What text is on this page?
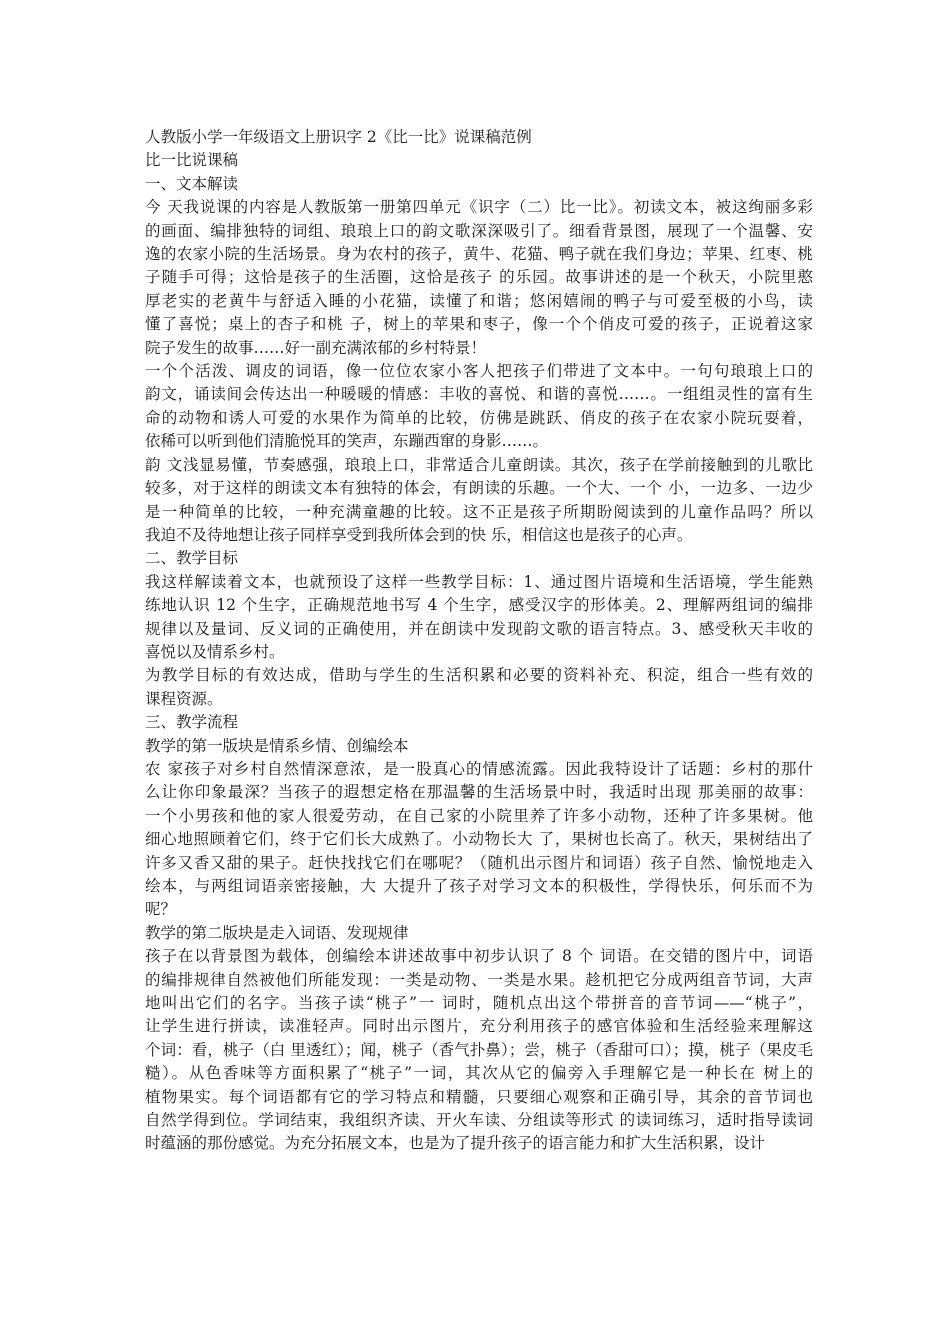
人教版小学一年级语文上册识字 2《比一比》说课稿范例
比一比说课稿
一、文本解读
今 天我说课的内容是人教版第一册第四单元《识字（二）比一比》。初读文本，被这绚丽多彩
的画面、编排独特的词组、琅琅上口的韵文歌深深吸引了。细看背景图，展现了一个温馨、安
逸的农家小院的生活场景。身为农村的孩子，黄牛、花猫、鸭子就在我们身边；苹果、红枣、桃
子随手可得；这恰是孩子的生活圈，这恰是孩子 的乐园。故事讲述的是一个秋天，小院里憨
厚老实的老黄牛与舒适入睡的小花猫，读懂了和谐；悠闲嬉闹的鸭子与可爱至极的小鸟，读
懂了喜悦；桌上的杏子和桃 子，树上的苹果和枣子，像一个个俏皮可爱的孩子，正说着这家
院子发生的故事……好一副充满浓郁的乡村特景！
一个个活泼、调皮的词语，像一位位农家小客人把孩子们带进了文本中。一句句琅琅上口的
韵文，诵读间会传达出一种暖暖的情感：丰收的喜悦、和谐的喜悦……。一组组灵性的富有生
命的动物和诱人可爱的水果作为简单的比较，仿佛是跳跃、俏皮的孩子在农家小院玩耍着，
依稀可以听到他们清脆悦耳的笑声，东蹦西窜的身影……。
韵 文浅显易懂，节奏感强，琅琅上口，非常适合儿童朗读。其次，孩子在学前接触到的儿歌比
较多，对于这样的朗读文本有独特的体会，有朗读的乐趣。一个大、一个 小，一边多、一边少
是一种简单的比较，一种充满童趣的比较。这不正是孩子所期盼阅读到的儿童作品吗？所以
我迫不及待地想让孩子同样享受到我所体会到的快 乐，相信这也是孩子的心声。
二、教学目标
我这样解读着文本，也就预设了这样一些教学目标：1、通过图片语境和生活语境，学生能熟
练地认识 12 个生字，正确规范地书写 4 个生字，感受汉字的形体美。2、理解两组词的编排
规律以及量词、反义词的正确使用，并在朗读中发现韵文歌的语言特点。3、感受秋天丰收的
喜悦以及情系乡村。
为教学目标的有效达成，借助与学生的生活积累和必要的资料补充、积淀，组合一些有效的
课程资源。
三、教学流程
教学的第一版块是情系乡情、创编绘本
农 家孩子对乡村自然情深意浓，是一股真心的情感流露。因此我特设计了话题：乡村的那什
么让你印象最深？当孩子的遐想定格在那温馨的生活场景中时，我适时出现 那美丽的故事：
一个小男孩和他的家人很爱劳动，在自己家的小院里养了许多小动物，还种了许多果树。他
细心地照顾着它们，终于它们长大成熟了。小动物长大 了，果树也长高了。秋天，果树结出了
许多又香又甜的果子。赶快找找它们在哪呢？（随机出示图片和词语）孩子自然、愉悦地走入
绘本，与两组词语亲密接触，大 大提升了孩子对学习文本的积极性，学得快乐，何乐而不为
呢？
教学的第二版块是走入词语、发现规律
孩子在以背景图为载体，创编绘本讲述故事中初步认识了 8 个 词语。在交错的图片中，词语
的编排规律自然被他们所能发现：一类是动物、一类是水果。趁机把它分成两组音节词，大声
地叫出它们的名字。当孩子读“桃子”一 词时，随机点出这个带拼音的音节词——“桃子”，
让学生进行拼读，读准轻声。同时出示图片，充分利用孩子的感官体验和生活经验来理解这
个词：看，桃子（白 里透红）；闻，桃子（香气扑鼻）；尝，桃子（香甜可口）；摸，桃子（果皮毛
糙）。从色香味等方面积累了“桃子”一词，其次从它的偏旁入手理解它是一种长在 树上的
植物果实。每个词语都有它的学习特点和精髓，只要细心观察和正确引导，其余的音节词也
自然学得到位。学词结束，我组织齐读、开火车读、分组读等形式 的读词练习，适时指导读词
时蕴涵的那份感觉。为充分拓展文本，也是为了提升孩子的语言能力和扩大生活积累，设计
